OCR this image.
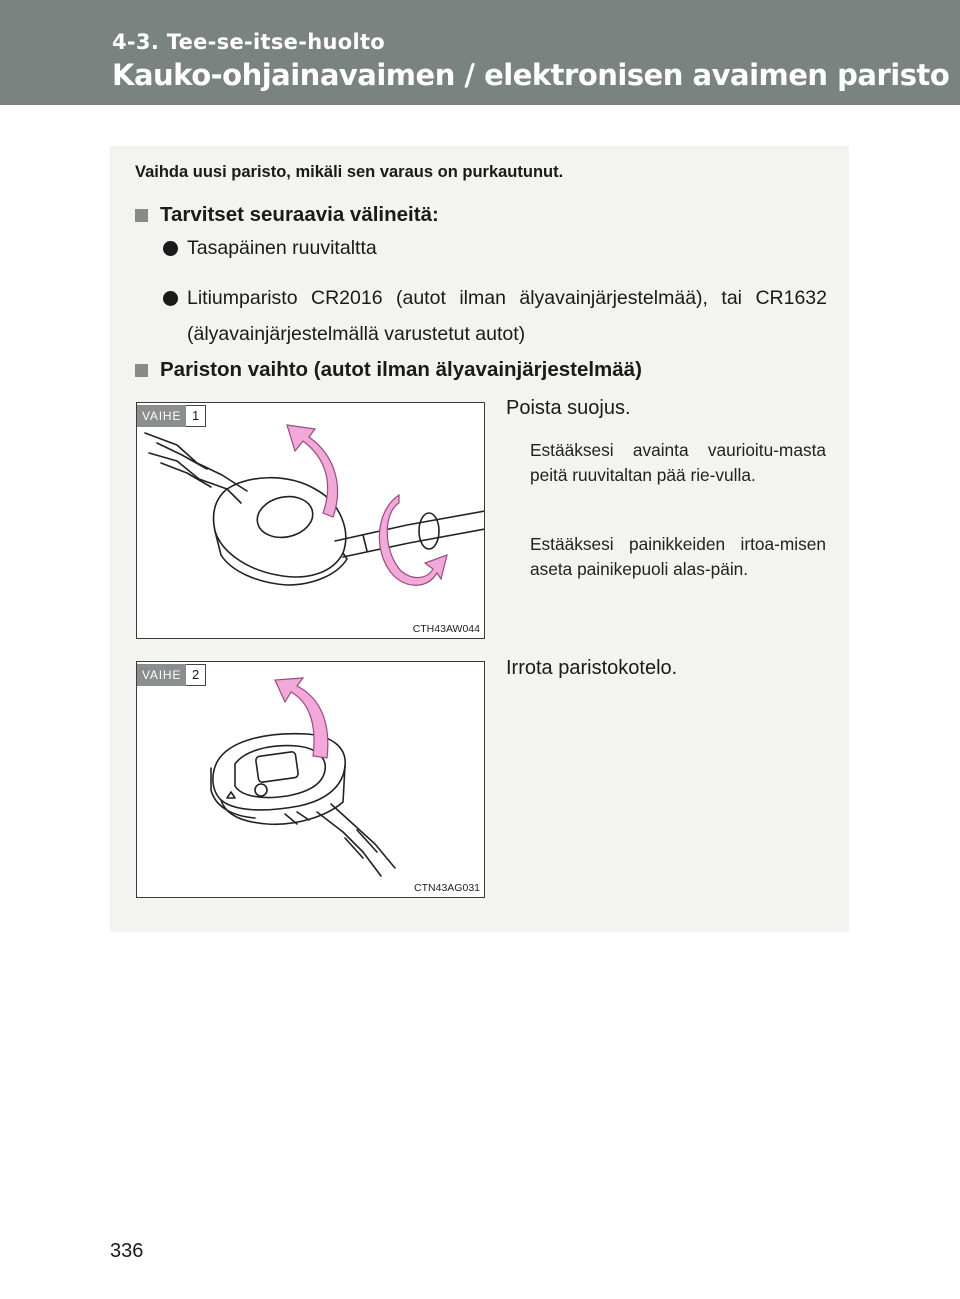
4-3. Tee-se-itse-huolto
Kauko-ohjainavaimen / elektronisen avaimen paristo
Vaihda uusi paristo, mikäli sen varaus on purkautunut.
Tarvitset seuraavia välineitä:
Tasapäinen ruuvitaltta
Litiumparisto CR2016 (autot ilman älyavainjärjestelmää), tai CR1632 (älyavainjärjestelmällä varustetut autot)
Pariston vaihto (autot ilman älyavainjärjestelmää)
VAIHE 1
CTH43AW044
Poista suojus.
Estääksesi avainta vaurioitu-masta peitä ruuvitaltan pää rie-vulla.
Estääksesi painikkeiden irtoa-misen aseta painikepuoli alas-päin.
VAIHE 2
CTN43AG031
Irrota paristokotelo.
336
